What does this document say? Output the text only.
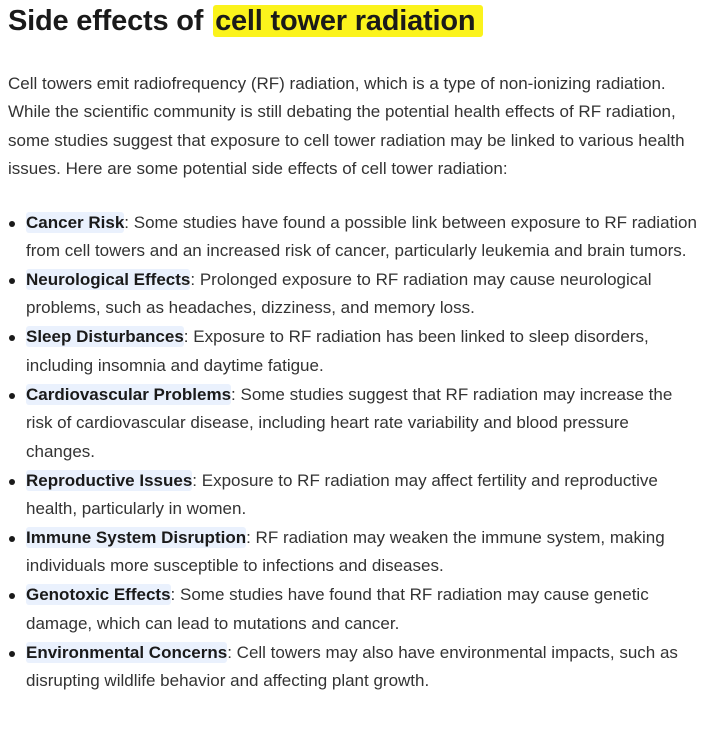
Side effects of cell tower radiation

Cell towers emit radiofrequency (RF) radiation, which is a type of non-ionizing radiation. While the scientific community is still debating the potential health effects of RF radiation, some studies suggest that exposure to cell tower radiation may be linked to various health issues. Here are some potential side effects of cell tower radiation:

Cancer Risk: Some studies have found a possible link between exposure to RF radiation from cell towers and an increased risk of cancer, particularly leukemia and brain tumors.
Neurological Effects: Prolonged exposure to RF radiation may cause neurological problems, such as headaches, dizziness, and memory loss.
Sleep Disturbances: Exposure to RF radiation has been linked to sleep disorders, including insomnia and daytime fatigue.
Cardiovascular Problems: Some studies suggest that RF radiation may increase the risk of cardiovascular disease, including heart rate variability and blood pressure changes.
Reproductive Issues: Exposure to RF radiation may affect fertility and reproductive health, particularly in women.
Immune System Disruption: RF radiation may weaken the immune system, making individuals more susceptible to infections and diseases.
Genotoxic Effects: Some studies have found that RF radiation may cause genetic damage, which can lead to mutations and cancer.
Environmental Concerns: Cell towers may also have environmental impacts, such as disrupting wildlife behavior and affecting plant growth.
